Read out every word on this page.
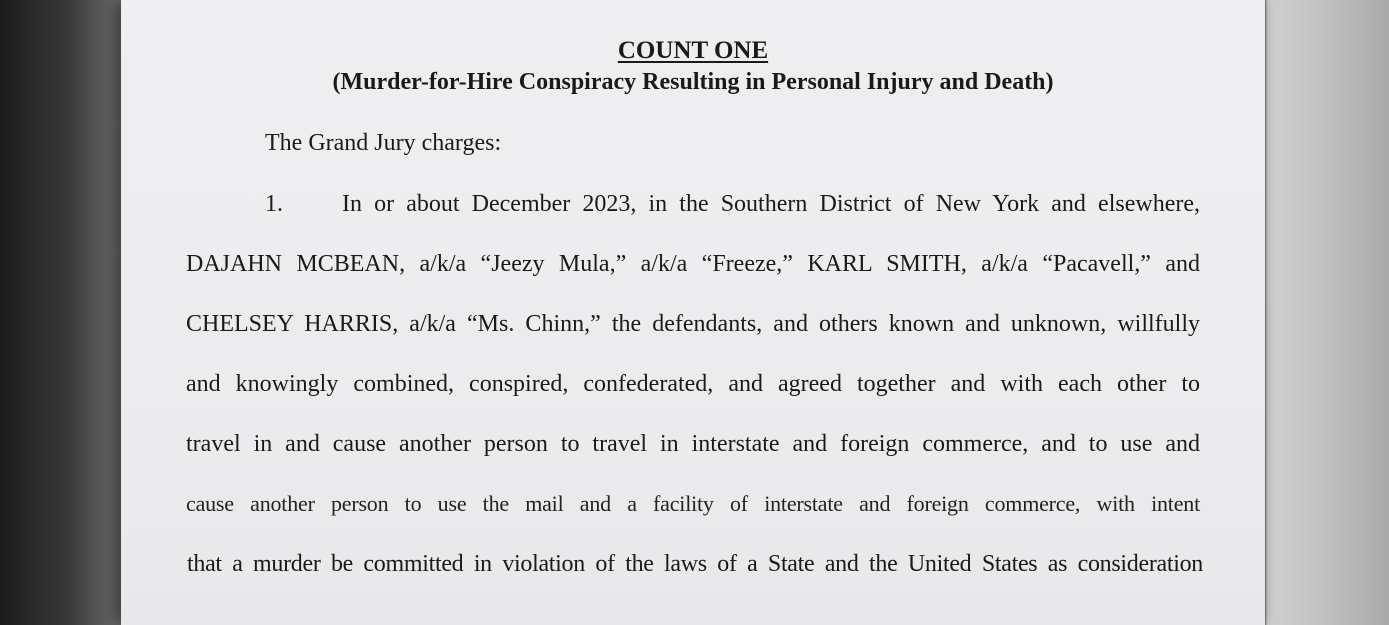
COUNT ONE
(Murder-for-Hire Conspiracy Resulting in Personal Injury and Death)
The Grand Jury charges:
1. In or about December 2023, in the Southern District of New York and elsewhere,
DAJAHN MCBEAN, a/k/a “Jeezy Mula,” a/k/a “Freeze,” KARL SMITH, a/k/a “Pacavell,” and
CHELSEY HARRIS, a/k/a “Ms. Chinn,” the defendants, and others known and unknown, willfully
and knowingly combined, conspired, confederated, and agreed together and with each other to
travel in and cause another person to travel in interstate and foreign commerce, and to use and
cause another person to use the mail and a facility of interstate and foreign commerce, with intent
that a murder be committed in violation of the laws of a State and the United States as consideration
